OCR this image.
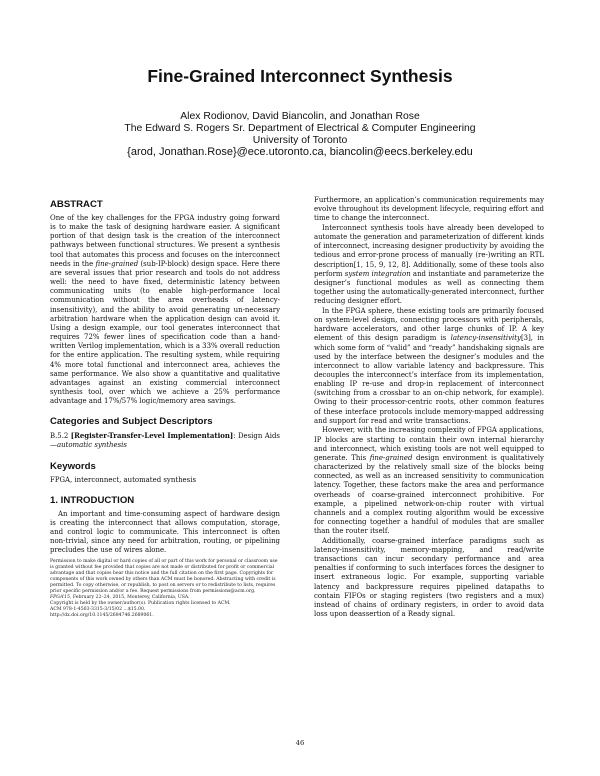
Fine-Grained Interconnect Synthesis
Alex Rodionov, David Biancolin, and Jonathan Rose
The Edward S. Rogers Sr. Department of Electrical & Computer Engineering
University of Toronto
{arod, Jonathan.Rose}@ece.utoronto.ca, biancolin@eecs.berkeley.edu
ABSTRACT

One of the key challenges for the FPGA industry going forward is to make the task of designing hardware easier. A significant portion of that design task is the creation of the interconnect pathways between functional structures. We present a synthesis tool that automates this process and focuses on the interconnect needs in the fine-grained (sub-IP-block) design space. Here there are several issues that prior research and tools do not address well: the need to have fixed, deterministic latency between communicating units (to enable high-performance local communication without the area overheads of latency-insensitivity), and the ability to avoid generating un-necessary arbitration hardware when the application design can avoid it. Using a design example, our tool generates interconnect that requires 72% fewer lines of specification code than a hand-written Verilog implementation, which is a 33% overall reduction for the entire application. The resulting system, while requiring 4% more total functional and interconnect area, achieves the same performance. We also show a quantitative and qualitative advantages against an existing commercial interconnect synthesis tool, over which we achieve a 25% performance advantage and 17%/57% logic/memory area savings.

Categories and Subject Descriptors

B.5.2 [Register-Transfer-Level Implementation]: Design Aids—automatic synthesis

Keywords

FPGA, interconnect, automated synthesis

1. INTRODUCTION

An important and time-consuming aspect of hardware design is creating the interconnect that allows computation, storage, and control logic to communicate. This interconnect is often non-trivial, since any need for arbitration, routing, or pipelining precludes the use of wires alone.

Permission to make digital or hard copies of all or part of this work for personal or classroom use is granted without fee provided that copies are not made or distributed for profit or commercial advantage and that copies bear this notice and the full citation on the first page. Copyrights for components of this work owned by others than ACM must be honored. Abstracting with credit is permitted. To copy otherwise, or republish, to post on servers or to redistribute to lists, requires prior specific permission and/or a fee. Request permissions from permissions@acm.org.

FPGA’15, February 22–24, 2015, Monterey, California, USA.

Copyright is held by the owner/author(s). Publication rights licensed to ACM.

ACM 978-1-4503-3315-3/15/02 ...$15.00.

http://dx.doi.org/10.1145/2684746.2689061.

Furthermore, an application’s communication requirements may evolve throughout its development lifecycle, requiring effort and time to change the interconnect.

Interconnect synthesis tools have already been developed to automate the generation and parameterization of different kinds of interconnect, increasing designer productivity by avoiding the tedious and error-prone process of manually (re-)writing an RTL description[1, 15, 9, 12, 8]. Additionally, some of these tools also perform system integration and instantiate and parameterize the designer’s functional modules as well as connecting them together using the automatically-generated interconnect, further reducing designer effort.

In the FPGA sphere, these existing tools are primarily focused on system-level design, connecting processors with peripherals, hardware accelerators, and other large chunks of IP. A key element of this design paradigm is latency-insensitivity[3], in which some form of “valid” and “ready” handshaking signals are used by the interface between the designer’s modules and the interconnect to allow variable latency and backpressure. This decouples the interconnect’s interface from its implementation, enabling IP re-use and drop-in replacement of interconnect (switching from a crossbar to an on-chip network, for example). Owing to their processor-centric roots, other common features of these interface protocols include memory-mapped addressing and support for read and write transactions.

However, with the increasing complexity of FPGA applications, IP blocks are starting to contain their own internal hierarchy and interconnect, which existing tools are not well equipped to generate. This fine-grained design environment is qualitatively characterized by the relatively small size of the blocks being connected, as well as an increased sensitivity to communication latency. Together, these factors make the area and performance overheads of coarse-grained interconnect prohibitive. For example, a pipelined network-on-chip router with virtual channels and a complex routing algorithm would be excessive for connecting together a handful of modules that are smaller than the router itself.

Additionally, coarse-grained interface paradigms such as latency-insensitivity, memory-mapping, and read/write transactions can incur secondary performance and area penalties if conforming to such interfaces forces the designer to insert extraneous logic. For example, supporting variable latency and backpressure requires pipelined datapaths to contain FIFOs or staging registers (two registers and a mux) instead of chains of ordinary registers, in order to avoid data loss upon deassertion of a Ready signal.

46
